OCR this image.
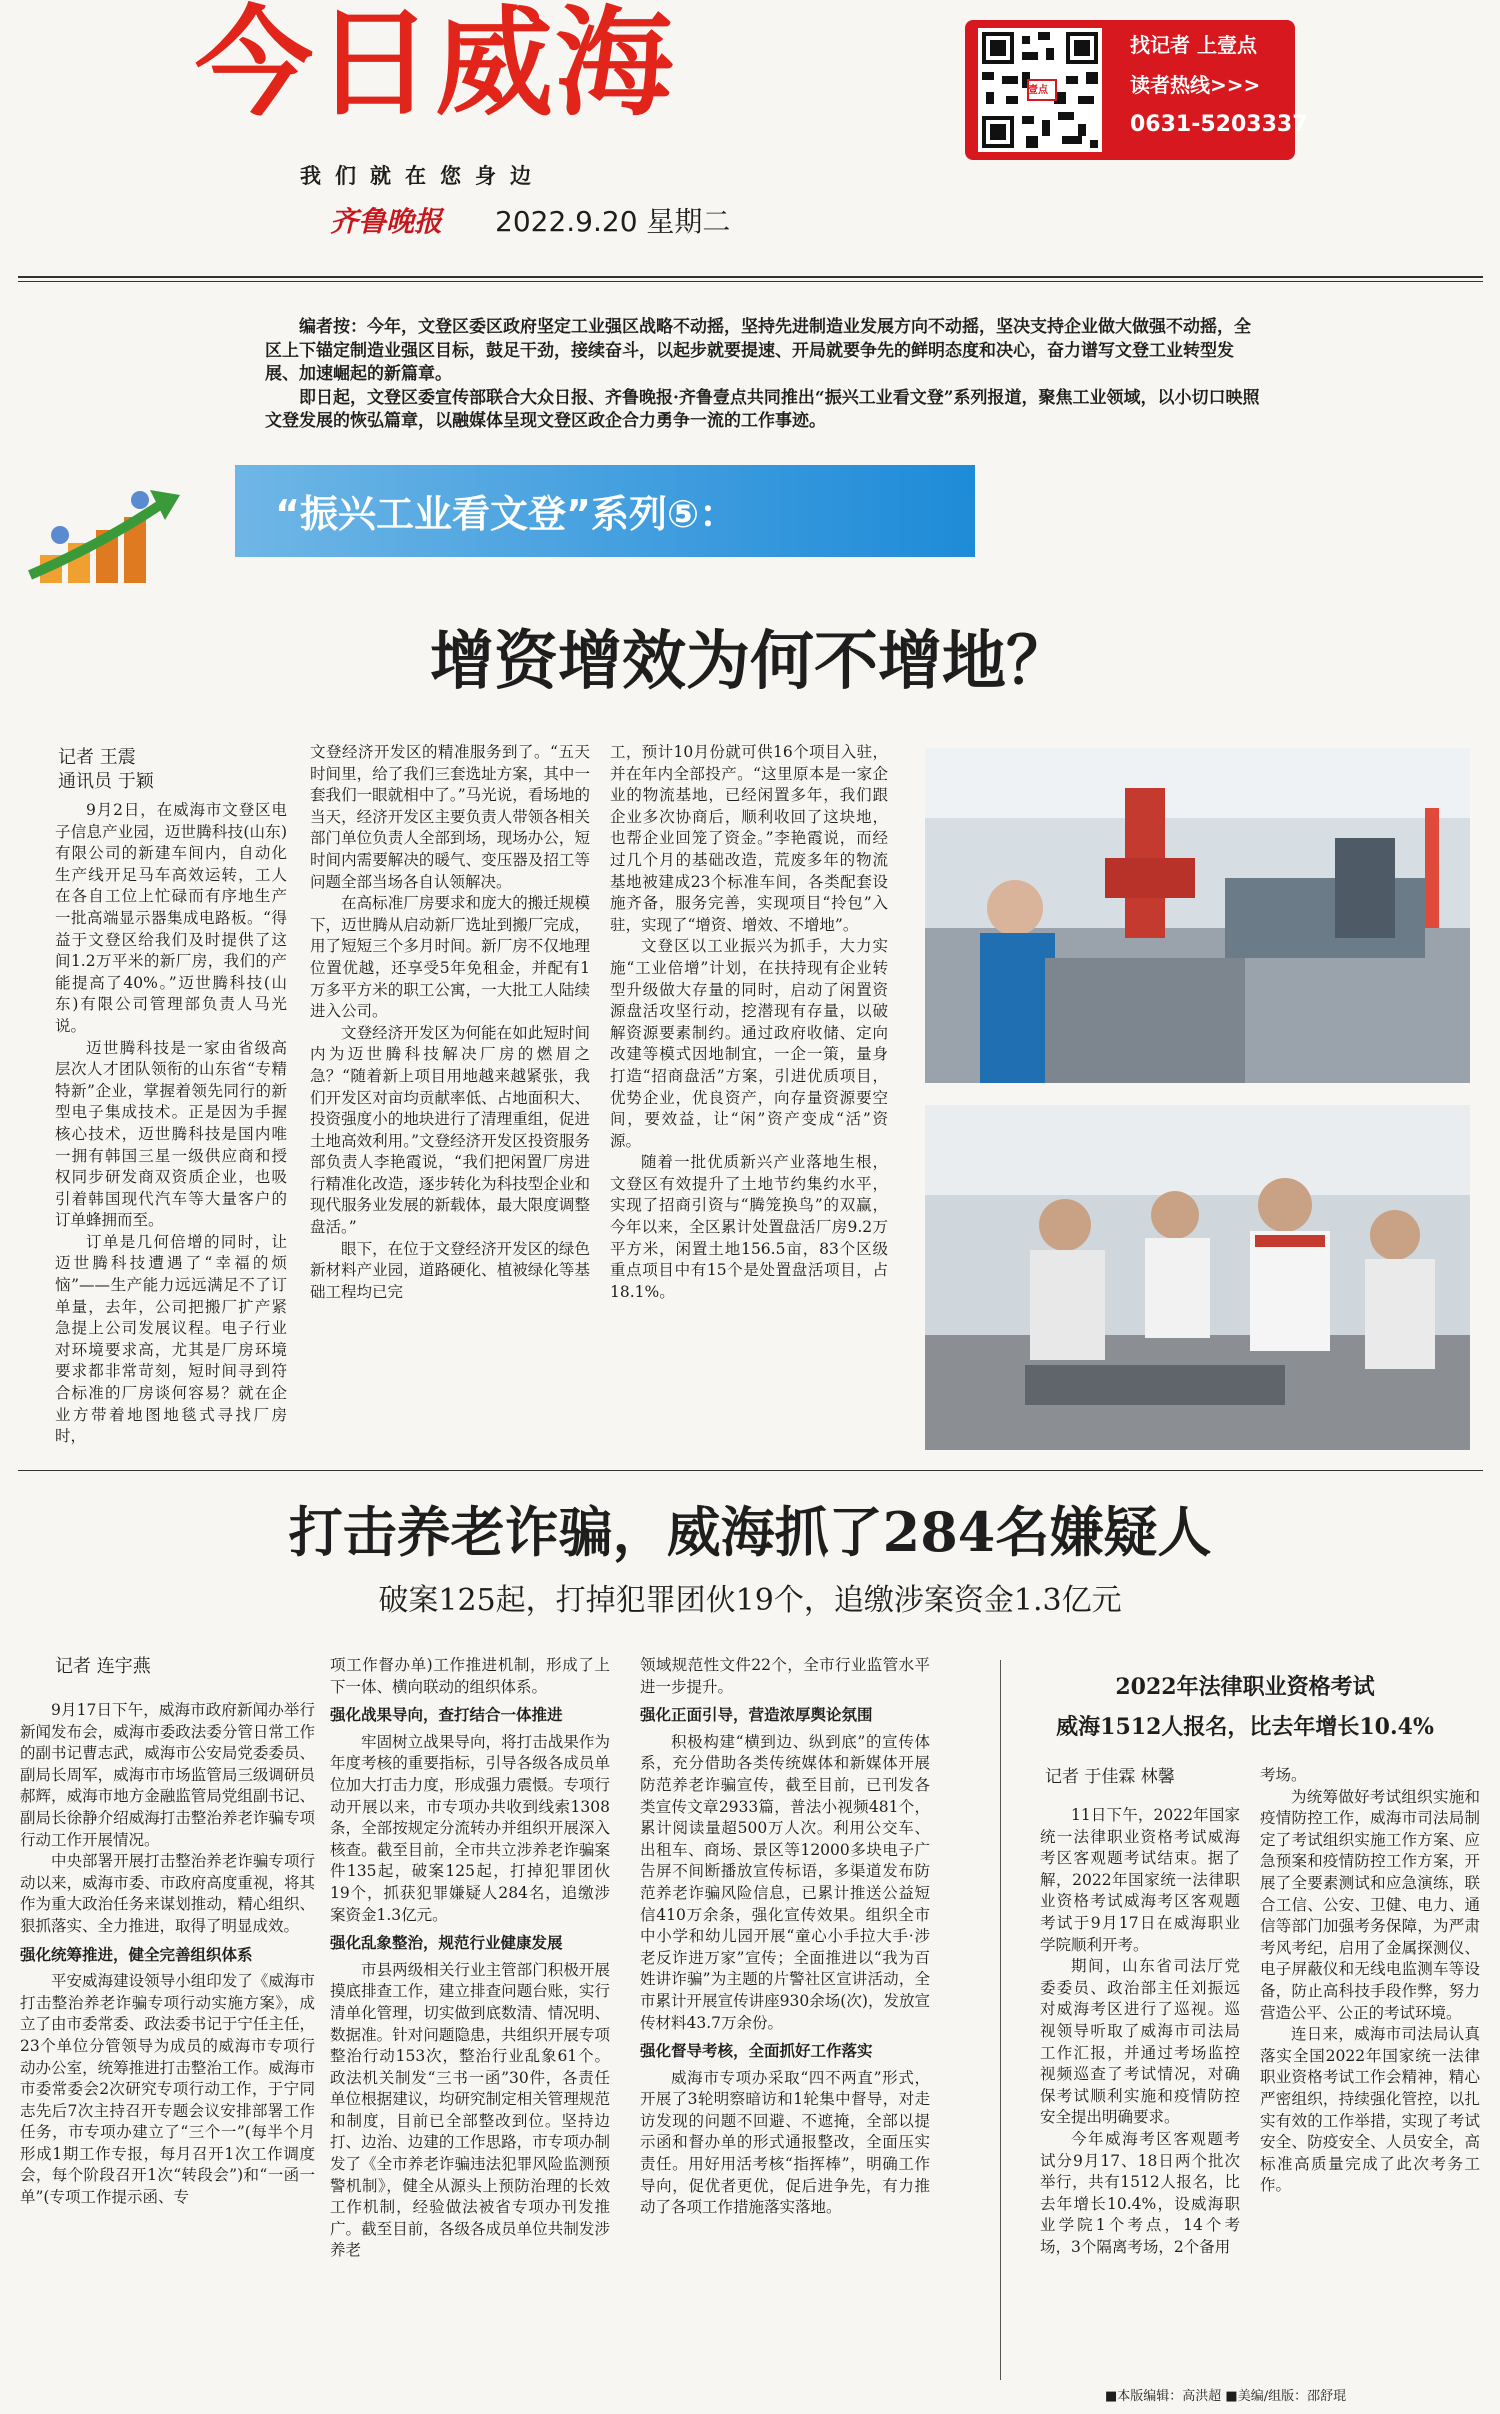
今日威海
我们就在您身边
齐鲁晚报 2022.9.20 星期二
壹点
找记者 上壹点
读者热线>>>
0631-5203337

编者按：今年，文登区委区政府坚定工业强区战略不动摇，坚持先进制造业发展方向不动摇，坚决支持企业做大做强不动摇，全区上下锚定制造业强区目标，鼓足干劲，接续奋斗，以起步就要提速、开局就要争先的鲜明态度和决心，奋力谱写文登工业转型发展、加速崛起的新篇章。

即日起，文登区委宣传部联合大众日报、齐鲁晚报·齐鲁壹点共同推出“振兴工业看文登”系列报道，聚焦工业领域，以小切口映照文登发展的恢弘篇章，以融媒体呈现文登区政企合力勇争一流的工作事迹。

“振兴工业看文登”系列⑤：
增资增效为何不增地？
记者 王震
通讯员 于颖

9月2日，在威海市文登区电子信息产业园，迈世腾科技(山东)有限公司的新建车间内，自动化生产线开足马车高效运转，工人在各自工位上忙碌而有序地生产一批高端显示器集成电路板。“得益于文登区给我们及时提供了这间1.2万平米的新厂房，我们的产能提高了40%。”迈世腾科技(山东)有限公司管理部负责人马光说。

迈世腾科技是一家由省级高层次人才团队领衔的山东省“专精特新”企业，掌握着领先同行的新型电子集成技术。正是因为手握核心技术，迈世腾科技是国内唯一拥有韩国三星一级供应商和授权同步研发商双资质企业，也吸引着韩国现代汽车等大量客户的订单蜂拥而至。

订单是几何倍增的同时，让迈世腾科技遭遇了“幸福的烦恼”——生产能力远远满足不了订单量，去年，公司把搬厂扩产紧急提上公司发展议程。电子行业对环境要求高，尤其是厂房环境要求都非常苛刻，短时间寻到符合标准的厂房谈何容易？就在企业方带着地图地毯式寻找厂房时，

文登经济开发区的精准服务到了。“五天时间里，给了我们三套选址方案，其中一套我们一眼就相中了。”马光说，看场地的当天，经济开发区主要负责人带领各相关部门单位负责人全部到场，现场办公，短时间内需要解决的暖气、变压器及招工等问题全部当场各自认领解决。

在高标准厂房要求和庞大的搬迁规模下，迈世腾从启动新厂选址到搬厂完成，用了短短三个多月时间。新厂房不仅地理位置优越，还享受5年免租金，并配有1万多平方米的职工公寓，一大批工人陆续进入公司。

文登经济开发区为何能在如此短时间内为迈世腾科技解决厂房的燃眉之急？“随着新上项目用地越来越紧张，我们开发区对亩均贡献率低、占地面积大、投资强度小的地块进行了清理重组，促进土地高效利用。”文登经济开发区投资服务部负责人李艳霞说，“我们把闲置厂房进行精准化改造，逐步转化为科技型企业和现代服务业发展的新载体，最大限度调整盘活。”

眼下，在位于文登经济开发区的绿色新材料产业园，道路硬化、植被绿化等基础工程均已完

工，预计10月份就可供16个项目入驻，并在年内全部投产。“这里原本是一家企业的物流基地，已经闲置多年，我们跟企业多次协商后，顺利收回了这块地，也帮企业回笼了资金。”李艳霞说，而经过几个月的基础改造，荒废多年的物流基地被建成23个标准车间，各类配套设施齐备，服务完善，实现项目“拎包”入驻，实现了“增资、增效、不增地”。

文登区以工业振兴为抓手，大力实施“工业倍增”计划，在扶持现有企业转型升级做大存量的同时，启动了闲置资源盘活攻坚行动，挖潜现有存量，以破解资源要素制约。通过政府收储、定向改建等模式因地制宜，一企一策，量身打造“招商盘活”方案，引进优质项目，优势企业，优良资产，向存量资源要空间，要效益，让“闲”资产变成“活”资源。

随着一批优质新兴产业落地生根，文登区有效提升了土地节约集约水平，实现了招商引资与“腾笼换鸟”的双赢，今年以来，全区累计处置盘活厂房9.2万平方米，闲置土地156.5亩，83个区级重点项目中有15个是处置盘活项目，占18.1%。

打击养老诈骗，威海抓了284名嫌疑人
破案125起，打掉犯罪团伙19个，追缴涉案资金1.3亿元
记者 连宇燕

9月17日下午，威海市政府新闻办举行新闻发布会，威海市委政法委分管日常工作的副书记曹志武，威海市公安局党委委员、副局长周军，威海市市场监管局三级调研员郝辉，威海市地方金融监管局党组副书记、副局长徐静介绍威海打击整治养老诈骗专项行动工作开展情况。

中央部署开展打击整治养老诈骗专项行动以来，威海市委、市政府高度重视，将其作为重大政治任务来谋划推动，精心组织、狠抓落实、全力推进，取得了明显成效。

强化统筹推进，健全完善组织体系

平安威海建设领导小组印发了《威海市打击整治养老诈骗专项行动实施方案》，成立了由市委常委、政法委书记于宁任主任，23个单位分管领导为成员的威海市专项行动办公室，统筹推进打击整治工作。威海市市委常委会2次研究专项行动工作，于宁同志先后7次主持召开专题会议安排部署工作任务，市专项办建立了“三个一”(每半个月形成1期工作专报，每月召开1次工作调度会，每个阶段召开1次“转段会”)和“一函一单”(专项工作提示函、专

项工作督办单)工作推进机制，形成了上下一体、横向联动的组织体系。

强化战果导向，查打结合一体推进

牢固树立战果导向，将打击战果作为年度考核的重要指标，引导各级各成员单位加大打击力度，形成强力震慑。专项行动开展以来，市专项办共收到线索1308条，全部按规定分流转办并组织开展深入核查。截至目前，全市共立涉养老诈骗案件135起，破案125起，打掉犯罪团伙19个，抓获犯罪嫌疑人284名，追缴涉案资金1.3亿元。

强化乱象整治，规范行业健康发展

市县两级相关行业主管部门积极开展摸底排查工作，建立排查问题台账，实行清单化管理，切实做到底数清、情况明、数据准。针对问题隐患，共组织开展专项整治行动153次，整治行业乱象61个。政法机关制发“三书一函”30件，各责任单位根据建议，均研究制定相关管理规范和制度，目前已全部整改到位。坚持边打、边治、边建的工作思路，市专项办制发了《全市养老诈骗违法犯罪风险监测预警机制》，健全从源头上预防治理的长效工作机制，经验做法被省专项办刊发推广。截至目前，各级各成员单位共制发涉养老

领域规范性文件22个，全市行业监管水平进一步提升。

强化正面引导，营造浓厚舆论氛围

积极构建“横到边、纵到底”的宣传体系，充分借助各类传统媒体和新媒体开展防范养老诈骗宣传，截至目前，已刊发各类宣传文章2933篇，普法小视频481个，累计阅读量超500万人次。利用公交车、出租车、商场、景区等12000多块电子广告屏不间断播放宣传标语，多渠道发布防范养老诈骗风险信息，已累计推送公益短信410万余条，强化宣传效果。组织全市中小学和幼儿园开展“童心小手拉大手·涉老反诈进万家”宣传；全面推进以“我为百姓讲诈骗”为主题的片警社区宣讲活动，全市累计开展宣传讲座930余场(次)，发放宣传材料43.7万余份。

强化督导考核，全面抓好工作落实

威海市专项办采取“四不两直”形式，开展了3轮明察暗访和1轮集中督导，对走访发现的问题不回避、不遮掩，全部以提示函和督办单的形式通报整改，全面压实责任。用好用活考核“指挥棒”，明确工作导向，促优者更优，促后进争先，有力推动了各项工作措施落实落地。

2022年法律职业资格考试
威海1512人报名，比去年增长10.4%
记者 于佳霖 林馨

11日下午，2022年国家统一法律职业资格考试威海考区客观题考试结束。据了解，2022年国家统一法律职业资格考试威海考区客观题考试于9月17日在威海职业学院顺利开考。

期间，山东省司法厅党委委员、政治部主任刘振远对威海考区进行了巡视。巡视领导听取了威海市司法局工作汇报，并通过考场监控视频巡查了考试情况，对确保考试顺利实施和疫情防控安全提出明确要求。

今年威海考区客观题考试分9月17、18日两个批次举行，共有1512人报名，比去年增长10.4%，设威海职业学院1个考点，14个考场，3个隔离考场，2个备用

考场。

为统筹做好考试组织实施和疫情防控工作，威海市司法局制定了考试组织实施工作方案、应急预案和疫情防控工作方案，开展了全要素测试和应急演练，联合工信、公安、卫健、电力、通信等部门加强考务保障，为严肃考风考纪，启用了金属探测仪、电子屏蔽仪和无线电监测车等设备，防止高科技手段作弊，努力营造公平、公正的考试环境。

连日来，威海市司法局认真落实全国2022年国家统一法律职业资格考试工作会精神，精心严密组织，持续强化管控，以扎实有效的工作举措，实现了考试安全、防疫安全、人员安全，高标准高质量完成了此次考务工作。

■本版编辑：高洪超 ■美编/组版：邵舒琨
